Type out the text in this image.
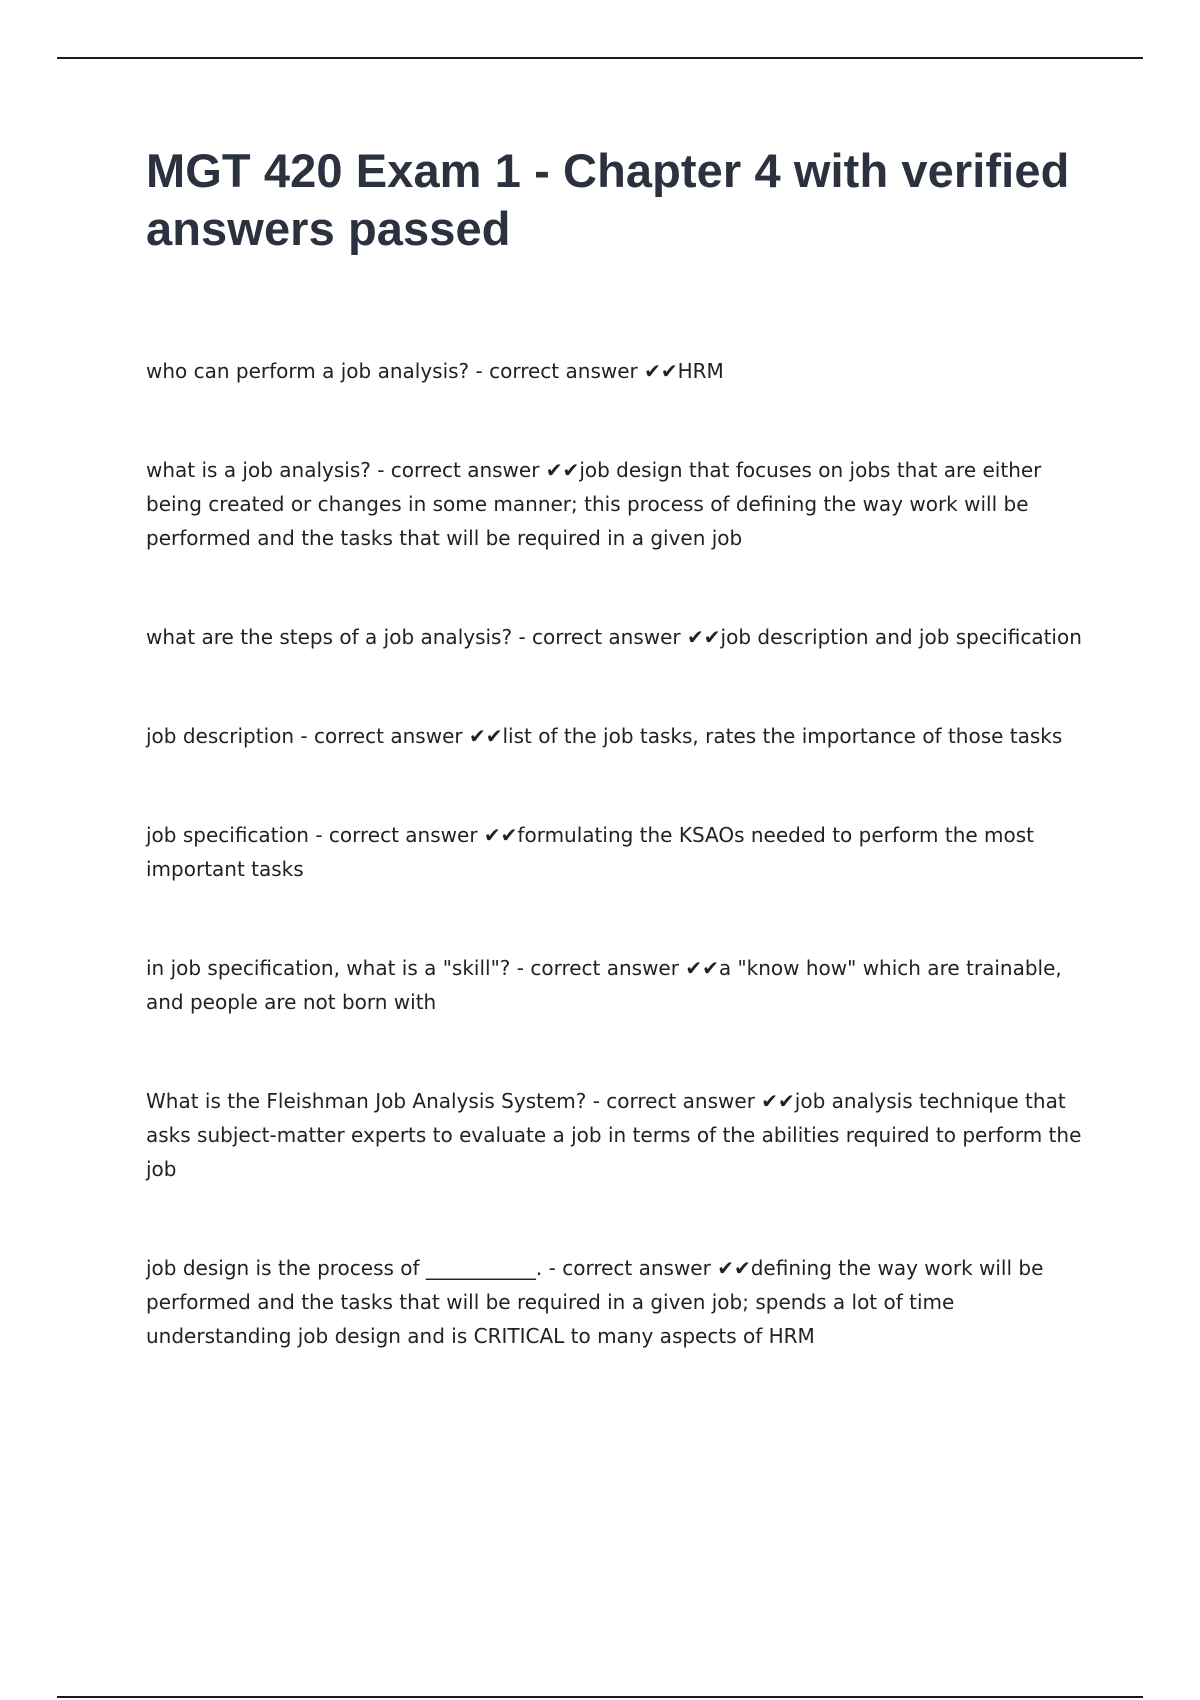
MGT 420 Exam 1 - Chapter 4 with verified answers passed

who can perform a job analysis? - correct answer ✔✔HRM

what is a job analysis? - correct answer ✔✔job design that focuses on jobs that are either being created or changes in some manner; this process of defining the way work will be performed and the tasks that will be required in a given job

what are the steps of a job analysis? - correct answer ✔✔job description and job specification

job description - correct answer ✔✔list of the job tasks, rates the importance of those tasks

job specification - correct answer ✔✔formulating the KSAOs needed to perform the most important tasks

in job specification, what is a "skill"? - correct answer ✔✔a "know how" which are trainable, and people are not born with

What is the Fleishman Job Analysis System? - correct answer ✔✔job analysis technique that asks subject-matter experts to evaluate a job in terms of the abilities required to perform the job

job design is the process of ___________. - correct answer ✔✔defining the way work will be performed and the tasks that will be required in a given job; spends a lot of time understanding job design and is CRITICAL to many aspects of HRM
